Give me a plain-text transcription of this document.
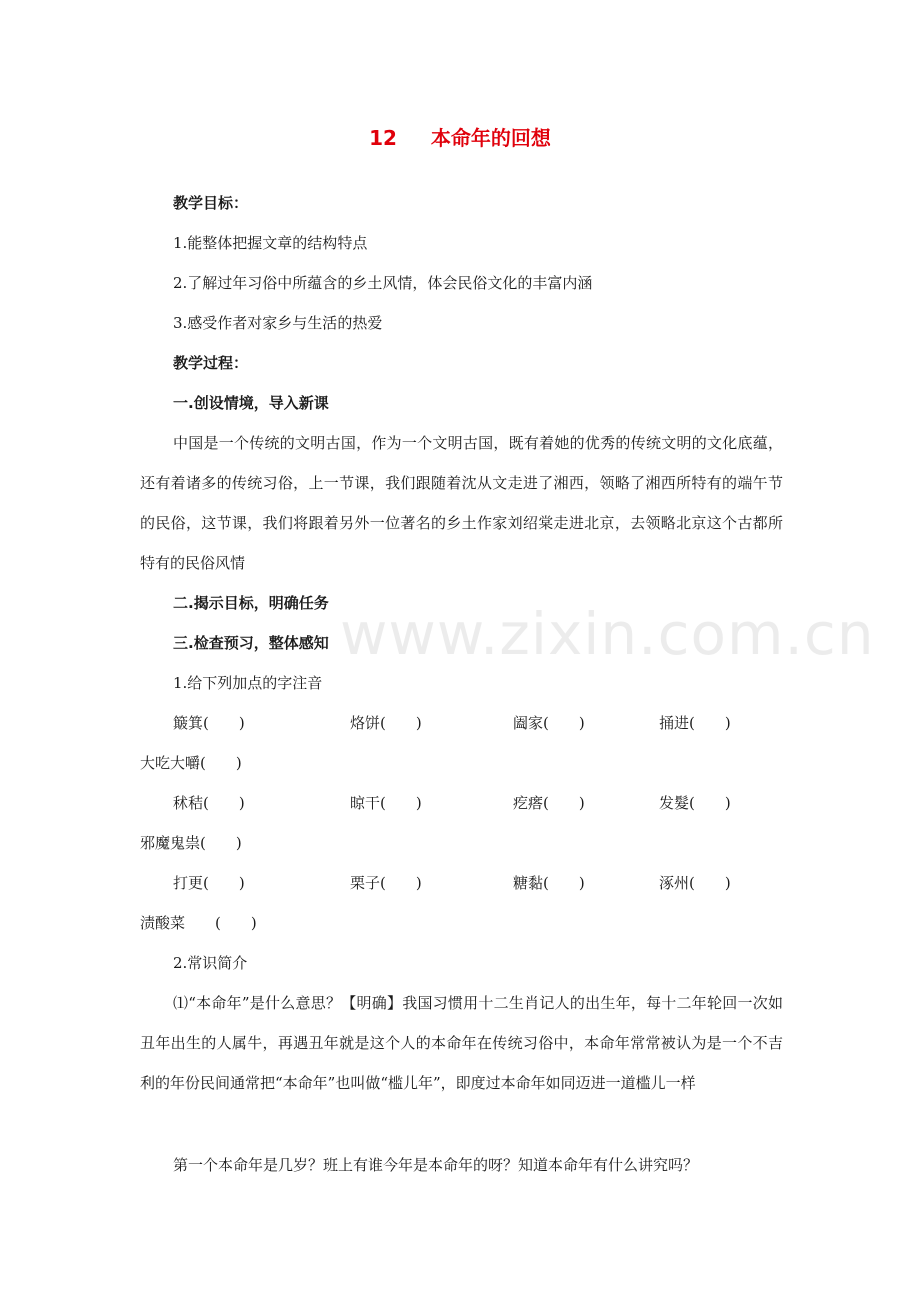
12 本命年的回想
教学目标：
1.能整体把握文章的结构特点
2.了解过年习俗中所蕴含的乡土风情，体会民俗文化的丰富内涵
3.感受作者对家乡与生活的热爱
教学过程：
一.创设情境，导入新课
中国是一个传统的文明古国，作为一个文明古国，既有着她的优秀的传统文明的文化底蕴，还有着诸多的传统习俗，上一节课，我们跟随着沈从文走进了湘西，领略了湘西所特有的端午节的民俗，这节课，我们将跟着另外一位著名的乡土作家刘绍棠走进北京，去领略北京这个古都所特有的民俗风情
二.揭示目标，明确任务
三.检查预习，整体感知
1.给下列加点的字注音
簸箕(　　)	烙饼(　　)	阖家(　　)	捅进(　　)
大吃大嚼(　　)
秫秸(　　)	晾干(　　)	疙瘩(　　)	发髮(　　)
邪魔鬼祟(　　)
打更(　　)	栗子(　　)	糖黏(　　)	涿州(　　)
渍酸菜　　(　　)
2.常识简介
⑴“本命年”是什么意思？【明确】我国习惯用十二生肖记人的出生年，每十二年轮回一次如丑年出生的人属牛，再遇丑年就是这个人的本命年在传统习俗中，本命年常常被认为是一个不吉利的年份民间通常把“本命年”也叫做“槛儿年”，即度过本命年如同迈进一道槛儿一样
第一个本命年是几岁？班上有谁今年是本命年的呀？知道本命年有什么讲究吗？
www.zixin.com.cn
